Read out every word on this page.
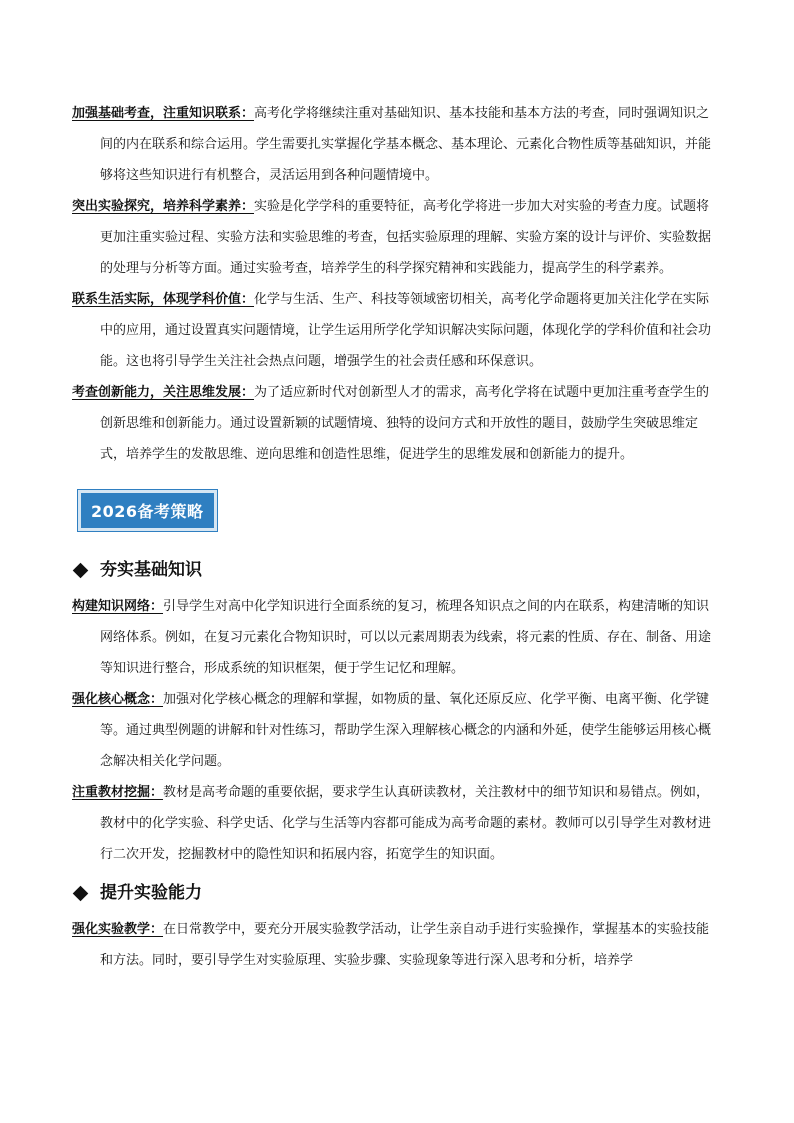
加强基础考查，注重知识联系：高考化学将继续注重对基础知识、基本技能和基本方法的考查，同时强调知识之间的内在联系和综合运用。学生需要扎实掌握化学基本概念、基本理论、元素化合物性质等基础知识，并能够将这些知识进行有机整合，灵活运用到各种问题情境中。

突出实验探究，培养科学素养：实验是化学学科的重要特征，高考化学将进一步加大对实验的考查力度。试题将更加注重实验过程、实验方法和实验思维的考查，包括实验原理的理解、实验方案的设计与评价、实验数据的处理与分析等方面。通过实验考查，培养学生的科学探究精神和实践能力，提高学生的科学素养。

联系生活实际，体现学科价值：化学与生活、生产、科技等领域密切相关，高考化学命题将更加关注化学在实际中的应用，通过设置真实问题情境，让学生运用所学化学知识解决实际问题，体现化学的学科价值和社会功能。这也将引导学生关注社会热点问题，增强学生的社会责任感和环保意识。

考查创新能力，关注思维发展：为了适应新时代对创新型人才的需求，高考化学将在试题中更加注重考查学生的创新思维和创新能力。通过设置新颖的试题情境、独特的设问方式和开放性的题目，鼓励学生突破思维定式，培养学生的发散思维、逆向思维和创造性思维，促进学生的思维发展和创新能力的提升。

2026备考策略
夯实基础知识

构建知识网络：引导学生对高中化学知识进行全面系统的复习，梳理各知识点之间的内在联系，构建清晰的知识网络体系。例如，在复习元素化合物知识时，可以以元素周期表为线索，将元素的性质、存在、制备、用途等知识进行整合，形成系统的知识框架，便于学生记忆和理解。

强化核心概念：加强对化学核心概念的理解和掌握，如物质的量、氧化还原反应、化学平衡、电离平衡、化学键等。通过典型例题的讲解和针对性练习，帮助学生深入理解核心概念的内涵和外延，使学生能够运用核心概念解决相关化学问题。

注重教材挖掘：教材是高考命题的重要依据，要求学生认真研读教材，关注教材中的细节知识和易错点。例如，教材中的化学实验、科学史话、化学与生活等内容都可能成为高考命题的素材。教师可以引导学生对教材进行二次开发，挖掘教材中的隐性知识和拓展内容，拓宽学生的知识面。

提升实验能力

强化实验教学：在日常教学中，要充分开展实验教学活动，让学生亲自动手进行实验操作，掌握基本的实验技能和方法。同时，要引导学生对实验原理、实验步骤、实验现象等进行深入思考和分析，培养学
